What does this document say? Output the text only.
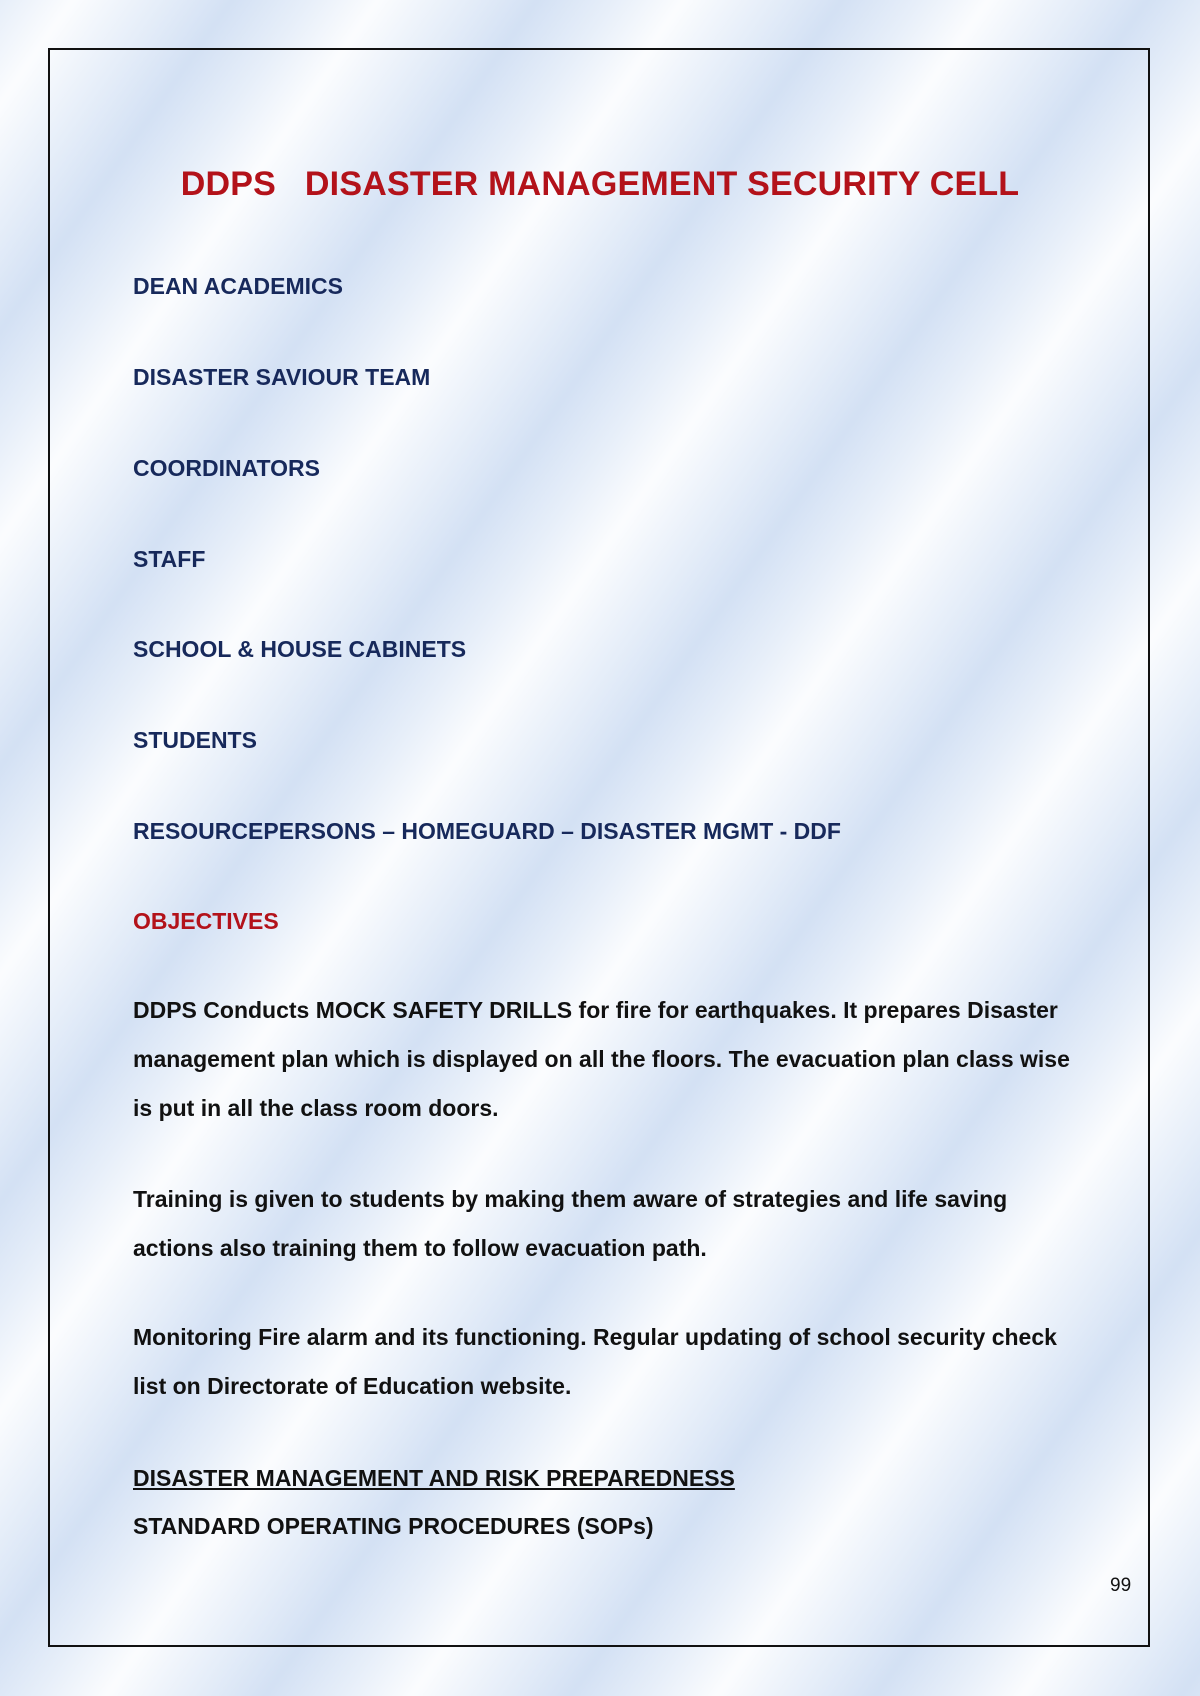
DDPS   DISASTER MANAGEMENT SECURITY CELL

DEAN ACADEMICS

DISASTER SAVIOUR TEAM

COORDINATORS

STAFF

SCHOOL & HOUSE CABINETS

STUDENTS

RESOURCEPERSONS – HOMEGUARD – DISASTER MGMT - DDF

OBJECTIVES

DDPS Conducts MOCK SAFETY DRILLS for fire for earthquakes. It prepares Disaster
management plan which is displayed on all the floors. The evacuation plan class wise
is put in all the class room doors.

Training is given to students by making them aware of strategies and life saving
actions also training them to follow evacuation path.

Monitoring Fire alarm and its functioning. Regular updating of school security check
list on Directorate of Education website.

DISASTER MANAGEMENT AND RISK PREPAREDNESS

STANDARD OPERATING PROCEDURES (SOPs)

99
